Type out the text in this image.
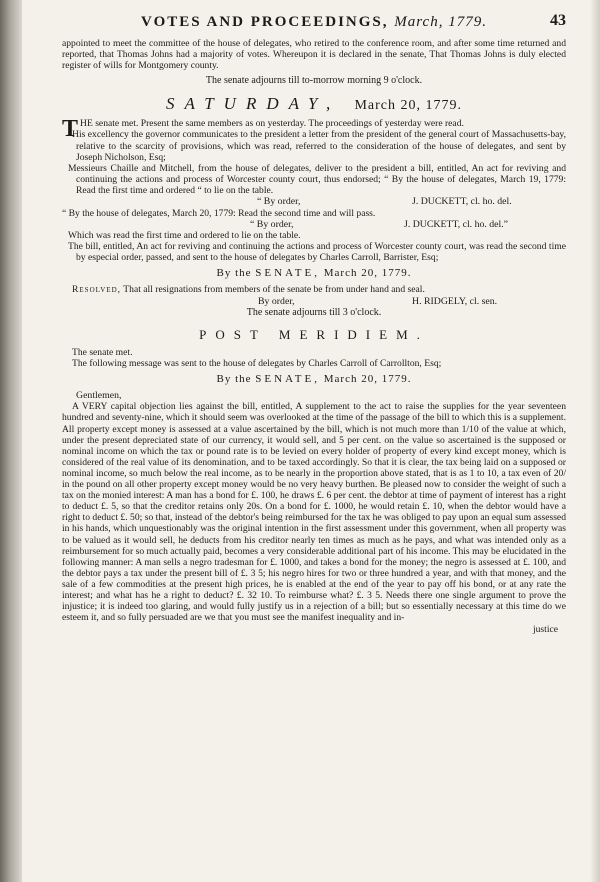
VOTES AND PROCEEDINGS, March, 1779.	43

appointed to meet the committee of the house of delegates, who retired to the conference room, and after some time returned and reported, that Thomas Johns had a majority of votes. Whereupon it is declared in the senate, That Thomas Johns is duly elected register of wills for Montgomery county.

The senate adjourns till to-morrow morning 9 o'clock.

SATURDAY, March 20, 1779.

THE senate met. Present the same members as on yesterday. The proceedings of yesterday were read.

His excellency the governor communicates to the president a letter from the president of the general court of Massachusetts-bay, relative to the scarcity of provisions, which was read, referred to the consideration of the house of delegates, and sent by Joseph Nicholson, Esq;

Messieurs Chaille and Mitchell, from the house of delegates, deliver to the president a bill, entitled, An act for reviving and continuing the actions and process of Worcester county court, thus endorsed; “ By the house of delegates, March 19, 1779: Read the first time and ordered “ to lie on the table.

“ By order,	J. DUCKETT, cl. ho. del.

“ By the house of delegates, March 20, 1779: Read the second time and will pass.

“ By order,	J. DUCKETT, cl. ho. del.”

Which was read the first time and ordered to lie on the table.

The bill, entitled, An act for reviving and continuing the actions and process of Worcester county court, was read the second time by especial order, passed, and sent to the house of delegates by Charles Carroll, Barrister, Esq;

By the SENATE, March 20, 1779.

Resolved, That all resignations from members of the senate be from under hand and seal.

By order,	H. RIDGELY, cl. sen.

The senate adjourns till 3 o'clock.

POST MERIDIEM.

The senate met.

The following message was sent to the house of delegates by Charles Carroll of Carrollton, Esq;

By the SENATE, March 20, 1779.

Gentlemen,

A VERY capital objection lies against the bill, entitled, A supplement to the act to raise the supplies for the year seventeen hundred and seventy-nine, which it should seem was overlooked at the time of the passage of the bill to which this is a supplement. All property except money is assessed at a value ascertained by the bill, which is not much more than 1/10 of the value at which, under the present depreciated state of our currency, it would sell, and 5 per cent. on the value so ascertained is the supposed or nominal income on which the tax or pound rate is to be levied on every holder of property of every kind except money, which is considered of the real value of its denomination, and to be taxed accordingly. So that it is clear, the tax being laid on a supposed or nominal income, so much below the real income, as to be nearly in the proportion above stated, that is as 1 to 10, a tax even of 20/ in the pound on all other property except money would be no very heavy burthen. Be pleased now to consider the weight of such a tax on the monied interest: A man has a bond for £. 100, he draws £. 6 per cent. the debtor at time of payment of interest has a right to deduct £. 5, so that the creditor retains only 20s. On a bond for £. 1000, he would retain £. 10, when the debtor would have a right to deduct £. 50; so that, instead of the debtor's being reimbursed for the tax he was obliged to pay upon an equal sum assessed in his hands, which unquestionably was the original intention in the first assessment under this government, when all property was to be valued as it would sell, he deducts from his creditor nearly ten times as much as he pays, and what was intended only as a reimbursement for so much actually paid, becomes a very considerable additional part of his income. This may be elucidated in the following manner: A man sells a negro tradesman for £. 1000, and takes a bond for the money; the negro is assessed at £. 100, and the debtor pays a tax under the present bill of £. 3 5; his negro hires for two or three hundred a year, and with that money, and the sale of a few commodities at the present high prices, he is enabled at the end of the year to pay off his bond, or at any rate the interest; and what has he a right to deduct? £. 32 10. To reimburse what? £. 3 5. Needs there one single argument to prove the injustice; it is indeed too glaring, and would fully justify us in a rejection of a bill; but so essentially necessary at this time do we esteem it, and so fully persuaded are we that you must see the manifest inequality and in-

justice
